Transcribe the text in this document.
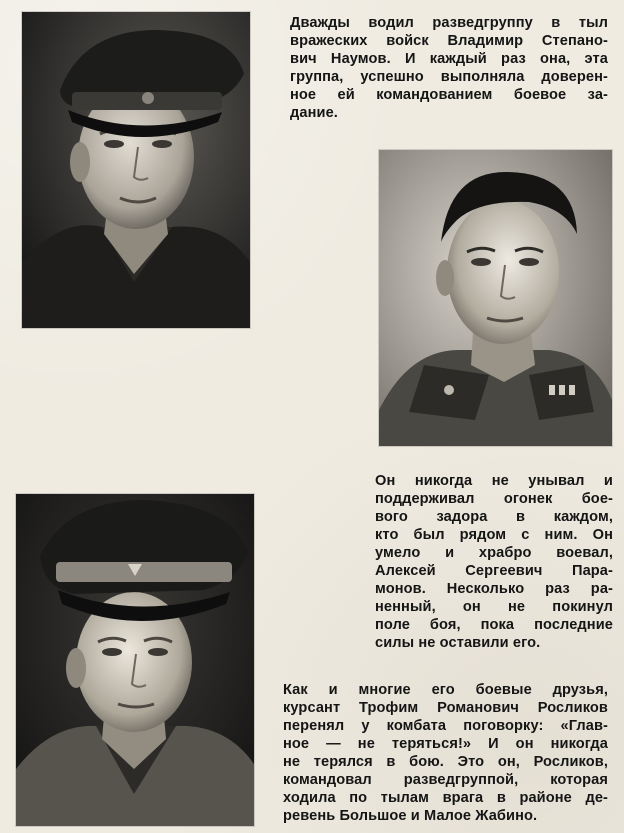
Дважды водил разведгруппу в тыл
вражеских войск Владимир Степано-
вич Наумов. И каждый раз она, эта
группа, успешно выполняла доверен-
ное ей командованием боевое за-
дание.

Он никогда не унывал и
поддерживал огонек боe-
вого задора в каждом,
кто был рядом с ним. Он
умело и храбро воевал,
Алексей Сергеевич Пара-
монов. Несколько раз ра-
ненный, он не покинул
поле боя, пока последние
силы не оставили его.

Как и многие его боевые друзья,
курсант Трофим Романович Росликов
перенял у комбата поговорку: «Глав-
ное — не теряться!» И он никогда
не терялся в бою. Это он, Росликов,
командовал разведгруппой, которая
ходила по тылам врага в районе де-
ревень Большое и Малое Жабино.
